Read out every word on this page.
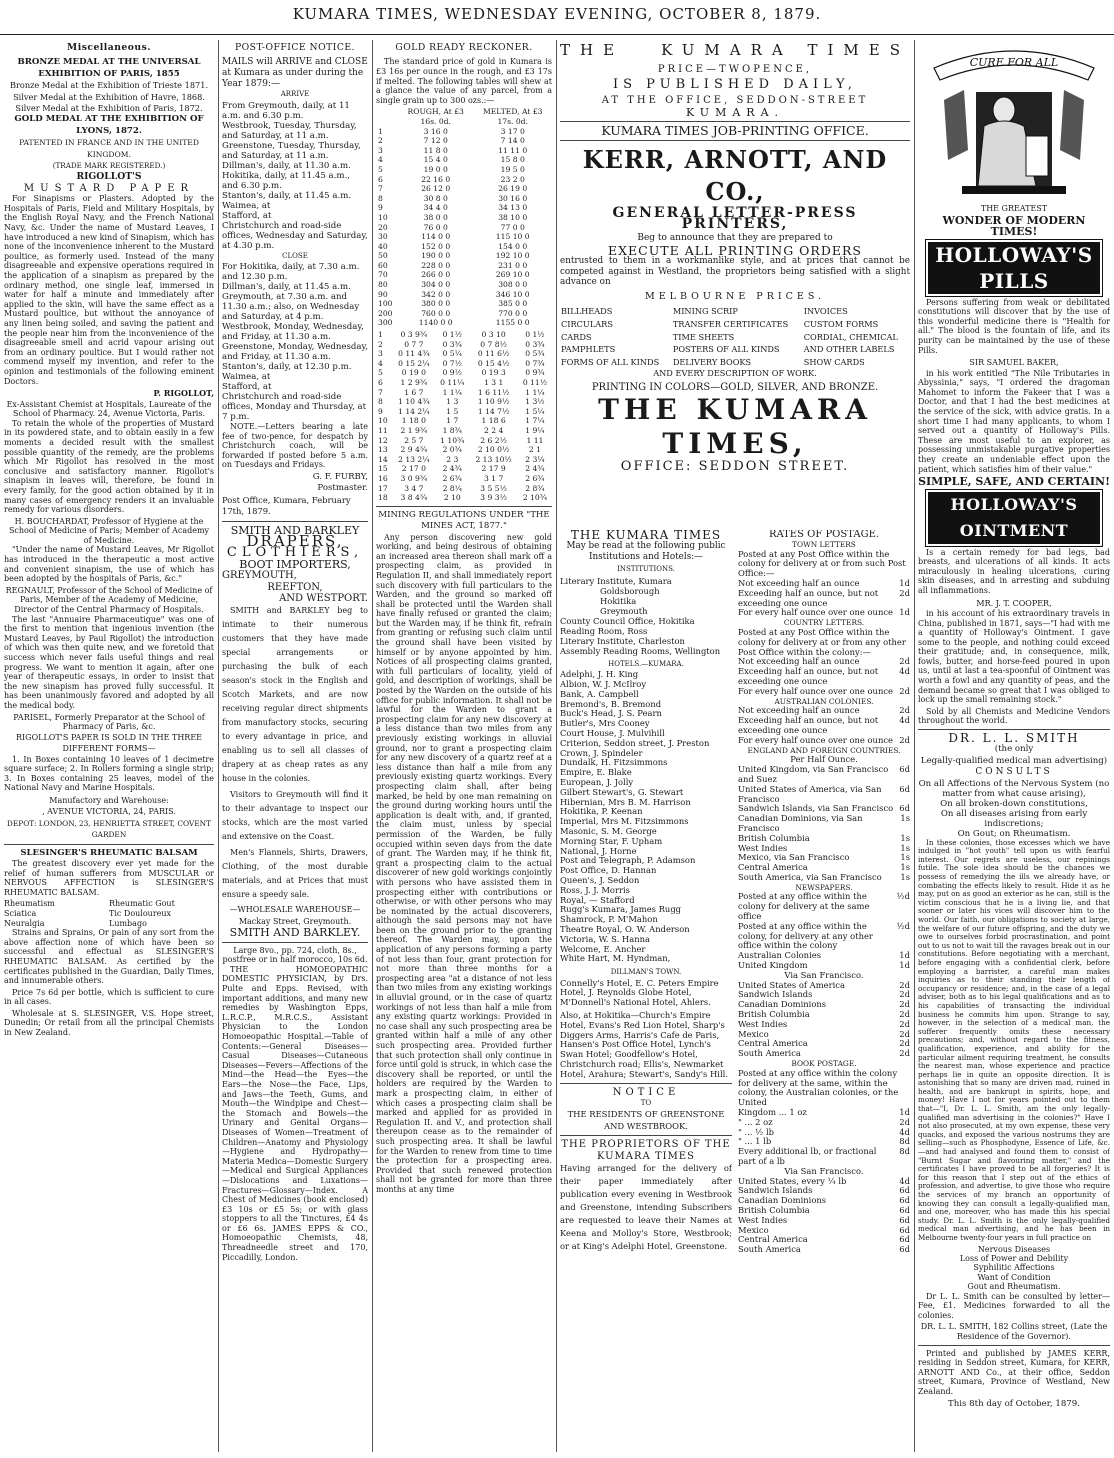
KUMARA TIMES, WEDNESDAY EVENING, OCTOBER 8, 1879.
Miscellaneous.
BRONZE MEDAL AT THE UNIVERSAL EXHIBITION OF PARIS, 1855
Bronze Medal at the Exhibition of Trieste 1871.
Silver Medal at the Exhibition of Havre, 1868.
Silver Medal at the Exhibition of Paris, 1872.
GOLD MEDAL AT THE EXHIBITION OF LYONS, 1872.
PATENTED IN FRANCE AND IN THE UNITED KINGDOM.
(TRADE MARK REGISTERED.)
RIGOLLOT'S
MUSTARD PAPER

For Sinapisms or Plasters. Adopted by the Hospitals of Paris, Field and Military Hospitals, by the English Royal Navy, and the French National Navy, &c. Under the name of Mustard Leaves, I have introduced a new kind of Sinapism, which has none of the inconvenience inherent to the Mustard poultice, as formerly used. Instead of the many disagreeable and expensive operations required in the application of a sinapism as prepared by the ordinary method, one single leaf, immersed in water for half a minute and immediately after applied to the skin, will have the same effect as a Mustard poultice, but without the annoyance of any linen being soiled, and saving the patient and the people near him from the inconvenience of the disagreeable smell and acrid vapour arising out from an ordinary poultice. But I would rather not commend myself my invention, and refer to the opinion and testimonials of the following eminent Doctors.

P. RIGOLLOT,
Ex-Assistant Chemist at Hospitals, Laureate of the School of Pharmacy. 24, Avenue Victoria, Paris.

To retain the whole of the properties of Mustard in its powdered state, and to obtain easily in a few moments a decided result with the smallest possible quantity of the remedy, are the problems which Mr Rigollot has resolved in the most conclusive and satisfactory manner. Rigollot's sinapism in leaves will, therefore, be found in every family, for the good action obtained by it in many cases of emergency renders it an invaluable remedy for various disorders.

H. BOUCHARDAT, Professor of Hygiene at the School of Medicine of Paris; Member of Academy of Medicine.

"Under the name of Mustard Leaves, Mr Rigollot has introduced in the therapeutic a most active and convenient sinapism, the use of which has been adopted by the hospitals of Paris, &c."

REGNAULT, Professor of the School of Medicine of Paris, Member of the Academy of Medicine, Director of the Central Pharmacy of Hospitals.

The last "Annuaire Pharmaceutique" was one of the first to mention that ingenious invention (the Mustard Leaves, by Paul Rigollot) the introduction of which was then quite new, and we foretold that success which never fails useful things and real progress. We want to mention it again, after one year of therapeutic essays, in order to insist that the new sinapism has proved fully successful. It has been unanimously favored and adopted by all the medical body.

PARISEL, Formerly Preparator at the School of Pharmacy of Paris, &c.
RIGOLLOT'S PAPER IS SOLD IN THE THREE DIFFERENT FORMS—

1. In Boxes containing 10 leaves of 1 decimetre square surface; 2. In Rollers forming a single strip; 3. In Boxes containing 25 leaves, model of the National Navy and Marine Hospitals.

Manufactory and Warehouse:
, AVENUE VICTORIA, 24, PARIS.
DEPOT: LONDON, 23, HENRIETTA STREET, COVENT GARDEN
SLESINGER'S RHEUMATIC BALSAM

The greatest discovery ever yet made for the relief of human sufferers from MUSCULAR or NERVOUS AFFECTION is SLESINGER'S RHEUMATIC BALSAM.

Rheumatism	Rheumatic Gout
Sciatica	Tic Douloureux
Neuralgia	Lumbago

Strains and Sprains, Or pain of any sort from the above affection none of which have been so successful and effectual as SLESINGER'S RHEUMATIC BALSAM. As certified by the certificates published in the Guardian, Daily Times, and innumerable others.

Price 7s 6d per bottle, which is sufficient to cure in all cases.

Wholesale at S. SLESINGER, V.S. Hope street, Dunedin; Or retail from all the principal Chemists in New Zealand.

POST-OFFICE NOTICE.
MAILS will ARRIVE and CLOSE at Kumara as under during the Year 1879:—
ARRIVE
From Greymouth, daily, at 11 a.m. and 6.30 p.m.
Westbrook, Tuesday, Thursday, and Saturday, at 11 a.m.
Greenstone, Tuesday, Thursday, and Saturday, at 11 a.m.
Dillman's, daily, at 11.30 a.m.
Hokitika, daily, at 11.45 a.m., and 6.30 p.m.
Stanton's, daily, at 11.45 a.m.
Waimea, at
Stafford, at
Christchurch and road-side offices, Wednesday and Saturday, at 4.30 p.m.
CLOSE
For Hokitika, daily, at 7.30 a.m. and 12.30 p.m.
Dillman's, daily, at 11.45 a.m.
Greymouth, at 7.30 a.m. and 11.30 a.m.; also, on Wednesday and Saturday, at 4 p.m.
Westbrook, Monday, Wednesday, and Friday, at 11.30 a.m.
Greenstone, Monday, Wednesday, and Friday, at 11.30 a.m.
Stanton's, daily, at 12.30 p.m.
Waimea, at
Stafford, at
Christchurch and road-side offices, Monday and Thursday, at 7 p.m.

NOTE.—Letters bearing a late fee of two-pence, for despatch by Christchurch coach, will be forwarded if posted before 5 a.m. on Tuesdays and Fridays.

G. F. FURBY,
Postmaster.
Post Office, Kumara, February 17th, 1879.
SMITH AND BARKLEY
DRAPERS,
CLOTHIERS,
BOOT IMPORTERS,
GREYMOUTH,
REEFTON,
AND WESTPORT.

SMITH and BARKLEY beg to intimate to their numerous customers that they have made special arrangements or purchasing the bulk of each season's stock in the English and Scotch Markets, and are now receiving regular direct shipments from manufactory stocks, securing to every advantage in price, and enabling us to sell all classes of drapery at as cheap rates as any house in the colonies.

Visitors to Greymouth will find it to their advantage to inspect our stocks, which are the most varied and extensive on the Coast.

Men's Flannels, Shirts, Drawers, Clothing, of the most durable materials, and at Prices that must ensure a speedy sale.

—WHOLESALE WAREHOUSE—
Mackay Street, Greymouth.
SMITH AND BARKLEY.
Large 8vo., pp. 724, cloth, 8s., postfree or in half morocco, 10s 6d.

THE HOMOEOPATHIC DOMESTIC PHYSICIAN, by Drs. Pulte and Epps. Revised, with important additions, and many new remedies by Washington Epps, L.R.C.P., M.R.C.S., Assistant Physician to the London Homoeopathic Hospital.—Table of Contents:—General Diseases—Casual Diseases—Cutaneous Diseases—Fevers—Affections of the Mind—the Head—the Eyes—the Ears—the Nose—the Face, Lips, and Jaws—the Teeth, Gums, and Mouth—the Windpipe and Chest—the Stomach and Bowels—the Urinary and Genital Organs—Diseases of Women—Treatment of Children—Anatomy and Physiology—Hygiene and Hydropathy—Materia Medica—Domestic Surgery—Medical and Surgical Appliances—Dislocations and Luxations—Fractures—Glossary—Index. A Chest of Medicines (book enclosed) £3 10s or £5 5s; or with glass stoppers to all the Tinctures, £4 4s or £6 6s. JAMES EPPS & CO., Homoeopathic Chemists, 48, Threadneedle street and 170, Piccadilly, London.

GOLD READY RECKONER.

The standard price of gold in Kumara is £3 16s per ounce in the rough, and £3 17s if melted. The following tables will shew at a glance the value of any parcel, from a single grain up to 300 ozs.:—

	ROUGH, At £3 16s. 0d.	MELTED, At £3 17s. 0d.
1	3 16 0	3 17 0
2	7 12 0	7 14 0
3	11 8 0	11 11 0
4	15 4 0	15 8 0
5	19 0 0	19 5 0
6	22 16 0	23 2 0
7	26 12 0	26 19 0
8	30 8 0	30 16 0
9	34 4 0	34 13 0
10	38 0 0	38 10 0
20	76 0 0	77 0 0
30	114 0 0	115 10 0
40	152 0 0	154 0 0
50	190 0 0	192 10 0
60	228 0 0	231 0 0
70	266 0 0	269 10 0
80	304 0 0	308 0 0
90	342 0 0	346 10 0
100	380 0 0	385 0 0
200	760 0 0	770 0 0
300	1140 0 0	1155 0 0
1	0 3 9¾	0 1½	0 3 10	0 1½
2	0 7 7	0 3¾	0 7 8½	0 3¾
3	0 11 4¾	0 5¼	0 11 6½	0 5¾
4	0 15 2¼	0 7½	0 15 4½	0 7¾
5	0 19 0	0 9½	0 19 3	0 9¾
6	1 2 9¾	0 11¼	1 3 1	0 11½
7	1 6 7	1 1¼	1 6 11½	1 1¼
8	1 10 4¾	1 3	1 10 9½	1 3½
9	1 14 2¼	1 5	1 14 7½	1 5¼
10	1 18 0	1 7	1 18 6	1 7¼
11	2 1 9¾	1 8¾	2 2 4	1 9¼
12	2 5 7	1 10¾	2 6 2½	1 11
13	2 9 4¾	2 0¾	2 10 0½	2 1
14	2 13 2¼	2 3	2 13 10½	2 3¼
15	2 17 0	2 4¾	2 17 9	2 4¾
16	3 0 9¾	2 6¾	3 1 7	2 6¾
17	3 4 7	2 8¼	3 5 5½	2 8¾
18	3 8 4¾	2 10	3 9 3½	2 10¾
MINING REGULATIONS UNDER "THE MINES ACT, 1877."

Any person discovering new gold working, and being desirous of obtaining an increased area thereon shall mark off a prospecting claim, as provided in Regulation II, and shall immediately report such discovery with full particulars to the Warden, and the ground so marked off shall be protected until the Warden shall have finally refused or granted the claim; but the Warden may, if he think fit, refrain from granting or refusing such claim until the ground shall have been visited by himself or by anyone appointed by him. Notices of all prospecting claims granted, with full particulars of locality, yield of gold, and description of workings, shall be posted by the Warden on the outside of his office for public information. It shall not be lawful for the Warden to grant a prospecting claim for any new discovery at a less distance than two miles from any previously existing workings in alluvial ground, nor to grant a prospecting claim for any new discovery of a quartz reef at a less distance than half a mile from any previously existing quartz workings. Every prospecting claim shall, after being marked, be held by one man remaining on the ground during working hours until the application is dealt with, and, if granted, the claim must, unless by special permission of the Warden, be fully occupied within seven days from the date of grant. The Warden may, if he think fit, grant a prospecting claim to the actual discoverer of new gold workings conjointly with persons who have assisted them in prospecting either with contributions or otherwise, or with other persons who may be nominated by the actual discoverers, although the said persons may not have been on the ground prior to the granting thereof. The Warden may, upon the application of any persons forming a party of not less than four, grant protection for not more than three months for a prospecting area "at a distance of not less than two miles from any existing workings in alluvial ground, or in the case of quartz workings of not less than half a mile from any existing quartz workings: Provided in no case shall any such prospecting area be granted within half a mile of any other such prospecting area. Provided further that such protection shall only continue in force until gold is struck, in which case the discovery shall be reported, or until the holders are required by the Warden to mark a prospecting claim, in either of which cases a prospecting claim shall be marked and applied for as provided in Regulation II. and V., and protection shall thereupon cease as to the remainder of such prospecting area. It shall be lawful for the Warden to renew from time to time the protection for a prospecting area. Provided that such renewed protection shall not be granted for more than three months at any time

THE KUMARA TIMES
PRICE—TWOPENCE,
IS PUBLISHED DAILY,
AT THE OFFICE, SEDDON-STREET
KUMARA.
KUMARA TIMES JOB-PRINTING OFFICE.
KERR, ARNOTT, AND CO.,
GENERAL LETTER-PRESS PRINTERS,
Beg to announce that they are prepared to
EXECUTE ALL PRINTING ORDERS
entrusted to them in a workmanlike style, and at prices that cannot be competed against in Westland, the proprietors being satisfied with a slight advance on
MELBOURNE PRICES.
BILLHEADS	MINING SCRIP	INVOICES
CIRCULARS	TRANSFER CERTIFICATES	CUSTOM FORMS
CARDS	TIME SHEETS	CORDIAL, CHEMICAL
PAMPHLETS	POSTERS OF ALL KINDS	AND OTHER LABELS
FORMS OF ALL KINDS	DELIVERY BOOKS	SHOW CARDS
AND EVERY DESCRIPTION OF WORK.
PRINTING IN COLORS—GOLD, SILVER, AND BRONZE.
THE KUMARA TIMES,
OFFICE: SEDDON STREET.
THE KUMARA TIMES
May be read at the following public Institutions and Hotels:—
INSTITUTIONS.
Literary Institute, Kumara
Goldsborough
Hokitika
Greymouth
County Council Office, Hokitika
Reading Room, Ross
Literary Institute, Charleston
Assembly Reading Rooms, Wellington
HOTELS.—KUMARA.
Adelphi, J. H. King
Albion, W. J. McIlroy
Bank, A. Campbell
Bremond's, B. Bremond
Buck's Head, J. S. Pearn
Butler's, Mrs Cooney
Court House, J. Mulvihill
Criterion, Seddon street, J. Preston
Crown, J. Spindeler
Dundalk, H. Fitzsimmons
Empire, E. Blake
European, J. Jolly
Gilbert Stewart's, G. Stewart
Hibernian, Mrs B. M. Harrison
Hokitika, P. Keenan
Imperial, Mrs M. Fitzsimmons
Masonic, S. M. George
Morning Star, F. Upham
National, J. Horne
Post and Telegraph, P. Adamson
Post Office, D. Hannan
Queen's, J. Seddon
Ross, J. J. Morris
Royal, — Stafford
Rugg's Kumara, James Rugg
Shamrock, P. M'Mahon
Theatre Royal, O. W. Anderson
Victoria, W. S. Hanna
Welcome, E. Ancher
White Hart, M. Hyndman,
DILLMAN'S TOWN.
Connelly's Hotel, E. C. Peters Empire Hotel, J. Reynolds Globe Hotel, M'Donnell's National Hotel, Ahlers.
Also, at Hokitika—Church's Empire Hotel, Evans's Red Lion Hotel, Sharp's Diggers Arms, Harris's Cafe de Paris, Hansen's Post Office Hotel, Lynch's Swan Hotel; Goodfellow's Hotel, Christchurch road; Ellis's, Newmarket Hotel, Arahura; Stewart's, Sandy's Hill.
NOTICE
TO
THE RESIDENTS OF GREENSTONE AND WESTBROOK.
THE PROPRIETORS OF THE KUMARA TIMES
Having arranged for the delivery of their paper immediately after publication every evening in Westbrook and Greenstone, intending Subscribers are requested to leave their Names at Keena and Molloy's Store, Westbrook; or at King's Adelphi Hotel, Greenstone.
RATES OF POSTAGE.
TOWN LETTERS
Posted at any Post Office within the colony for delivery at or from such Post Office:—
Not exceeding half an ounce	1d
Exceeding half an ounce, but not exceeding one ounce
2d
For every half ounce over one ounce 1d
COUNTRY LETTERS.
Posted at any Post Office within the colony for delivery at or from any other Post Office within the colony:—
Not exceeding half an ounce	2d
Exceeding half an ounce, but not exceeding one ounce
4d
For every half ounce over one ounce 2d
AUSTRALIAN COLONIES.
Not exceeding half an ounce	2d
Exceeding half an ounce, but not exceeding one ounce
4d
For every half ounce over one ounce 2d
ENGLAND AND FOREIGN COUNTRIES.
Per Half Ounce.
United Kingdom, via San Francisco and Suez
6d
United States of America, via San Francisco
6d
Sandwich Islands, via San Francisco 6d
Canadian Dominions, via San Francisco
1s
British Columbia	1s
West Indies	1s
Mexico, via San Francisco	1s
Central America	1s
South America, via San Francisco	1s
NEWSPAPERS.
Posted at any office within the colony for delivery at the same office
½d
Posted at any office within the colony, for delivery at any other office within the colony
½d
Australian Colonies	1d
United Kingdom	1d
Via San Francisco.
United States of America	2d
Sandwich Islands	2d
Canadian Dominions	2d
British Columbia	2d
West Indies	2d
Mexico	2d
Central America	2d
South America	2d
BOOK POSTAGE.
Posted at any office within the colony for delivery at the same, within the colony, the Australian colonies, or the United
Kingdom ... 1 oz	1d
" ... 2 oz	2d
" ... ½ lb	4d
" ... 1 lb	8d
Every additional lb, or fractional part of a lb
8d
Via San Francisco.
United States, every ¼ lb	4d
Sandwich Islands	6d
Canadian Dominions	6d
British Columbia	6d
West Indies	6d
Mexico	6d
Central America	6d
South America	6d
CURE FOR ALL
THE GREATEST
WONDER OF MODERN TIMES!
HOLLOWAY'S PILLS

Persons suffering from weak or debilitated constitutions will discover that by the use of this wonderful medicine there is "Health for all." The blood is the fountain of life, and its purity can be maintained by the use of these Pills.

SIR SAMUEL BAKER,

in his work entitled "The Nile Tributaries in Abyssinia," says, "I ordered the dragoman Mahomet to inform the Fakeer that I was a Doctor, and that I had the best medicines at the service of the sick, with advice gratis. In a short time I had many applicants, to whom I served out a quantity of Holloway's Pills. These are most useful to an explorer, as possessing unmistakable purgative properties they create an undeniable effect upon the patient, which satisfies him of their value."

SIMPLE, SAFE, AND CERTAIN!
HOLLOWAY'S OINTMENT

Is a certain remedy for bad legs, bad breasts, and ulcerations of all kinds. It acts miraculously in healing ulcerations, curing skin diseases, and in arresting and subduing all inflammations.

MR. J. T. COOPER,

in his account of his extraordinary travels in China, published in 1871, says—"I had with me a quantity of Holloway's Ointment. I gave some to the people, and nothing could exceed their gratitude; and, in consequence, milk, fowls, butter, and horse-feed poured in upon us, until at last a tea-spoonful of Ointment was worth a fowl and any quantity of peas, and the demand became so great that I was obliged to lock up the small remaining stock."

Sold by all Chemists and Medicine Vendors throughout the world.

DR. L. L. SMITH
(the only
Legally-qualified medical man advertising)
CONSULTS
On all Affections of the Nervous System (no matter from what cause arising),
On all broken-down constitutions,
On all diseases arising from early indiscretions;
On Gout; on Rheumatism.

In these colonies, those excesses which we have indulged in "hot youth" tell upon us with fearful interest. Our regrets are useless, our repinings futile. The sole idea should be the chances we possess of remedying the ills we already have, or combating the effects likely to result. Hide it as he may, put on as good an exterior as he can, still is the victim conscious that he is a living lie, and that sooner or later his vices will discover him to the world. Our faith, our obligations to society at large, the welfare of our future offspring, and the duty we owe to ourselves forbid procrastination, and point out to us not to wait till the ravages break out in our constitutions. Before negotiating with a merchant, before engaging with a confidential clerk, before employing a barrister, a careful man makes inquiries as to their standing their length of occupancy or residence; and, in the case of a legal adviser, both as to his legal qualifications and as to his capabilities of transacting the individual business he commits him upon. Strange to say, however, in the selection of a medical man, the sufferer frequently omits these necessary precautions; and, without regard to the fitness, qualification, experience, and ability for the particular ailment requiring treatment, he consults the nearest man, whose experience and practice perhaps lie in quite an opposite direction. It is astonishing that so many are driven mad, ruined in health, and are bankrupt in spirits, hope, and money! Have I not for years pointed out to them that—"I, Dr. L. L. Smith, am the only legally-qualified man advertising in the colonies?" Have I not also prosecuted, at my own expense, these very quacks, and exposed the various nostrums they are selling—such as Phosphodyne, Essence of Life, &c.—and had analysed and found them to consist of "Burnt Sugar and flavouring matter," and the certificates I have proved to be all forgeries? It is for this reason that I step out of the ethics of profession, and advertise, to give those who require the services of my branch an opportunity of knowing they can consult a legally-qualified man, and one, moreover, who has made this his special study. Dr. L. L. Smith is the only legally-qualified medical man advertising, and he has been in Melbourne twenty-four years in full practice on

Nervous Diseases
Loss of Power and Debility
Syphilitic Affections
Want of Condition
Gout and Rheumatism.

Dr L. L. Smith can be consulted by letter—Fee, £1. Medicines forwarded to all the colonies.

DR. L. L. SMITH, 182 Collins street, (Late the Residence of the Governor).

Printed and published by JAMES KERR, residing in Seddon street, Kumara, for KERR, ARNOTT AND Co., at their office, Seddon street, Kumara, Province of Westland, New Zealand.

This 8th day of October, 1879.
